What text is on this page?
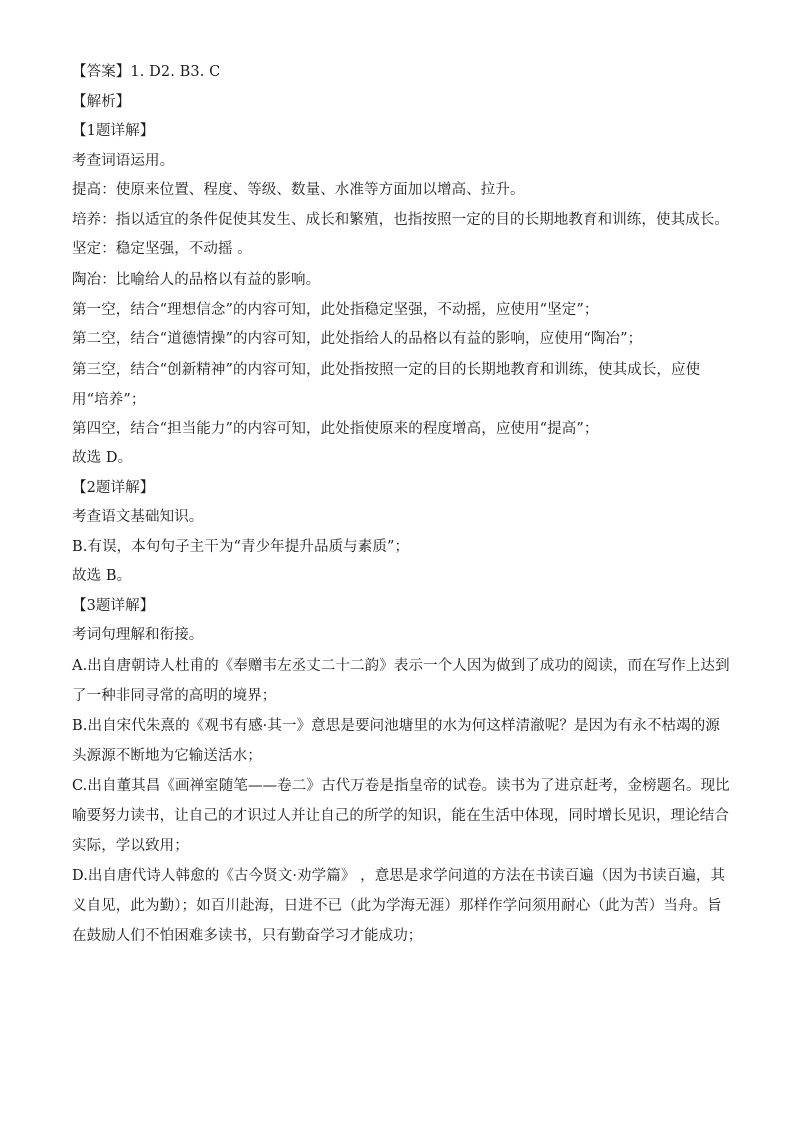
【答案】1. D2. B3. C

【解析】

【1题详解】

考查词语运用。

提高：使原来位置、程度、等级、数量、水准等方面加以增高、拉升。

培养：指以适宜的条件促使其发生、成长和繁殖，也指按照一定的目的长期地教育和训练，使其成长。

坚定：稳定坚强，不动摇 。

陶冶：比喻给人的品格以有益的影响。

第一空，结合“理想信念”的内容可知，此处指稳定坚强，不动摇，应使用“坚定”；

第二空，结合“道德情操”的内容可知，此处指给人的品格以有益的影响，应使用“陶冶”；

第三空，结合“创新精神”的内容可知，此处指按照一定的目的长期地教育和训练，使其成长，应使用“培养”；

第四空，结合“担当能力”的内容可知，此处指使原来的程度增高，应使用“提高”；

故选 D。

【2题详解】

考查语文基础知识。

B.有误，本句句子主干为“青少年提升品质与素质”；

故选 B。

【3题详解】

考词句理解和衔接。

A.出自唐朝诗人杜甫的《奉赠韦左丞丈二十二韵》表示一个人因为做到了成功的阅读，而在写作上达到了一种非同寻常的高明的境界；

B.出自宋代朱熹的《观书有感·其一》意思是要问池塘里的水为何这样清澈呢？是因为有永不枯竭的源头源源不断地为它输送活水；

C.出自董其昌《画禅室随笔——卷二》古代万卷是指皇帝的试卷。读书为了进京赶考，金榜题名。现比喻要努力读书，让自己的才识过人并让自己的所学的知识，能在生活中体现，同时增长见识，理论结合实际，学以致用；

D.出自唐代诗人韩愈的《古今贤文·劝学篇》 ，意思是求学问道的方法在书读百遍（因为书读百遍，其义自见，此为勤）；如百川赴海，日进不已（此为学海无涯）那样作学问须用耐心（此为苦）当舟。旨在鼓励人们不怕困难多读书，只有勤奋学习才能成功；
